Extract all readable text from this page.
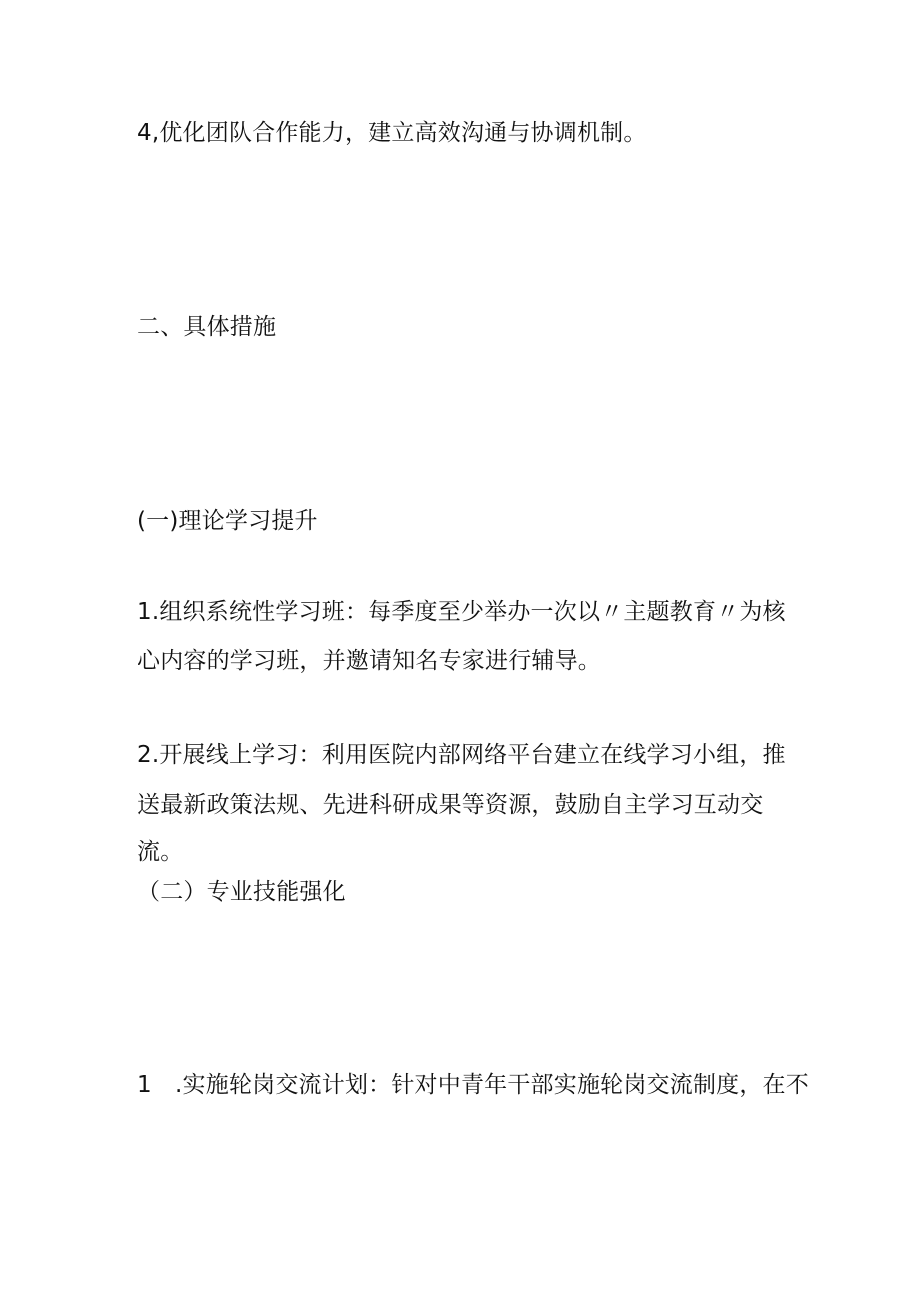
4,优化团队合作能力，建立高效沟通与协调机制。
二、具体措施
(一)理论学习提升
1.组织系统性学习班：每季度至少举办一次以〃主题教育〃为核
心内容的学习班，并邀请知名专家进行辅导。
2.开展线上学习：利用医院内部网络平台建立在线学习小组，推
送最新政策法规、先进科研成果等资源，鼓励自主学习互动交
流。
（二）专业技能强化
1　.实施轮岗交流计划：针对中青年干部实施轮岗交流制度，在不
